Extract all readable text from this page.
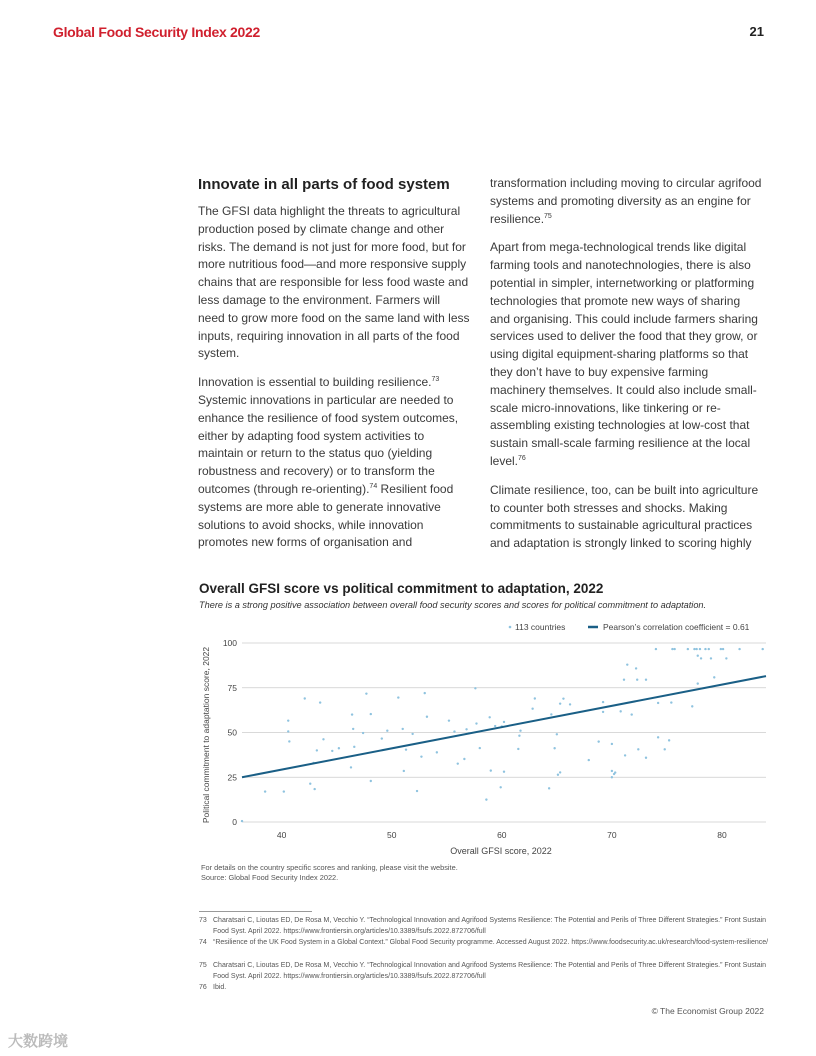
Global Food Security Index 2022	21
Innovate in all parts of food system

The GFSI data highlight the threats to agricultural production posed by climate change and other risks. The demand is not just for more food, but for more nutritious food—and more responsive supply chains that are responsible for less food waste and less damage to the environment. Farmers will need to grow more food on the same land with less inputs, requiring innovation in all parts of the food system.

Innovation is essential to building resilience.$^{73}$ Systemic innovations in particular are needed to enhance the resilience of food system outcomes, either by adapting food system activities to maintain or return to the status quo (yielding robustness and recovery) or to transform the outcomes (through re-orienting).$^{74}$ Resilient food systems are more able to generate innovative solutions to avoid shocks, while innovation promotes new forms of organisation and

transformation including moving to circular agrifood systems and promoting diversity as an engine for resilience.$^{75}$

Apart from mega-technological trends like digital farming tools and nanotechnologies, there is also potential in simpler, internetworking or platforming technologies that promote new ways of sharing and organising. This could include farmers sharing services used to deliver the food that they grow, or using digital equipment-sharing platforms so that they don’t have to buy expensive farming machinery themselves. It could also include small-scale micro-innovations, like tinkering or re-assembling existing technologies at low-cost that sustain small-scale farming resilience at the local level.$^{76}$

Climate resilience, too, can be built into agriculture to counter both stresses and shocks. Making commitments to sustainable agricultural practices and adaptation is strongly linked to scoring highly

Overall GFSI score vs political commitment to adaptation, 2022
There is a strong positive association between overall food security scores and scores for political commitment to adaptation.
0
25
50
75
100
40	50	60	70	80
113 countries	Pearson’s correlation coefficient = 0.61
Overall GFSI score, 2022
Political commitment to adaptation score, 2022
For details on the country specific scores and ranking, please visit the website.
Source: Global Food Security Index 2022.
73 Charatsari C, Lioutas ED, De Rosa M, Vecchio Y. “Technological Innovation and Agrifood Systems Resilience: The Potential and Perils of Three Different Strategies.” Front Sustain Food Syst. April 2022. https://www.frontiersin.org/articles/10.3389/fsufs.2022.872706/full
74 “Resilience of the UK Food System in a Global Context.” Global Food Security programme. Accessed August 2022. https://www.foodsecurity.ac.uk/research/food-system-resilience/
75 Charatsari C, Lioutas ED, De Rosa M, Vecchio Y. “Technological Innovation and Agrifood Systems Resilience: The Potential and Perils of Three Different Strategies.” Front Sustain Food Syst. April 2022. https://www.frontiersin.org/articles/10.3389/fsufs.2022.872706/full
76 Ibid.
© The Economist Group 2022
大数跨境
